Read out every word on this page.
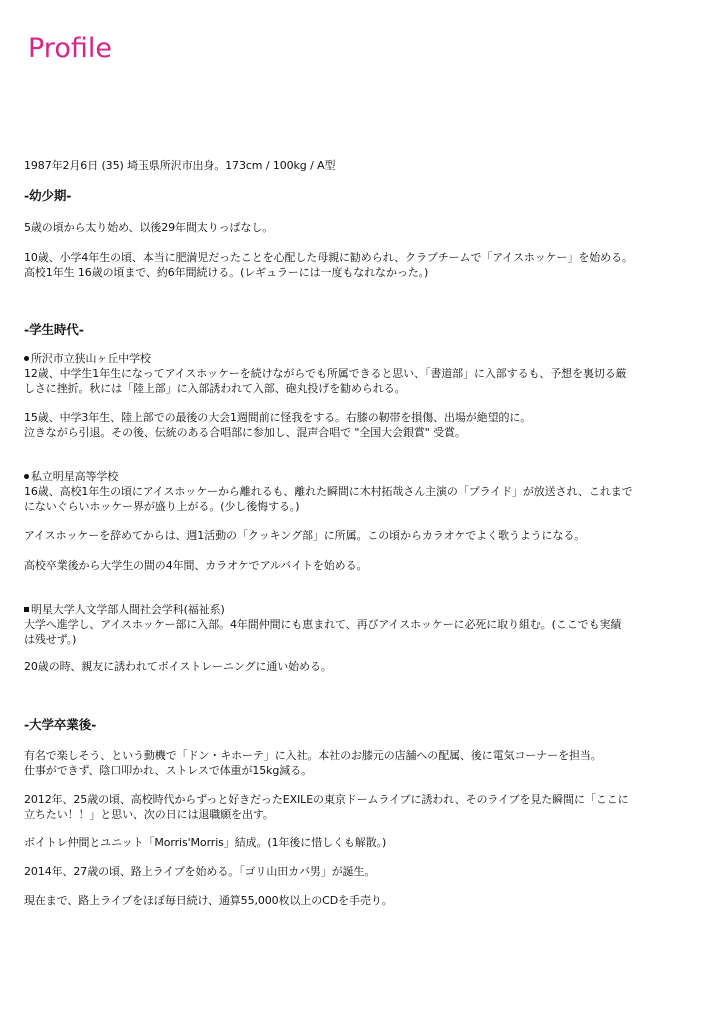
Profile

1987年2月6日 (35) 埼玉県所沢市出身。173cm / 100kg / A型

-幼少期-

5歳の頃から太り始め、以後29年間太りっぱなし。

10歳、小学4年生の頃、本当に肥満児だったことを心配した母親に勧められ、クラブチームで「アイスホッケー」を始める。

高校1年生 16歳の頃まで、約6年間続ける。(レギュラーには一度もなれなかった。)

-学生時代-

所沢市立狭山ヶ丘中学校

12歳、中学生1年生になってアイスホッケーを続けながらでも所属できると思い、「書道部」に入部するも、予想を裏切る厳

しさに挫折。秋には「陸上部」に入部誘われて入部、砲丸投げを勧められる。

15歳、中学3年生、陸上部での最後の大会1週間前に怪我をする。右膝の靭帯を損傷、出場が絶望的に。

泣きながら引退。その後、伝統のある合唱部に参加し、混声合唱で "全国大会銀賞" 受賞。

私立明星高等学校

16歳、高校1年生の頃にアイスホッケーから離れるも、離れた瞬間に木村拓哉さん主演の「プライド」が放送され、これまで

にないぐらいホッケー界が盛り上がる。(少し後悔する。)

アイスホッケーを辞めてからは、週1活動の「クッキング部」に所属。この頃からカラオケでよく歌うようになる。

高校卒業後から大学生の間の4年間、カラオケでアルバイトを始める。

明星大学人文学部人間社会学科(福祉系)

大学へ進学し、アイスホッケー部に入部。4年間仲間にも恵まれて、再びアイスホッケーに必死に取り組む。(ここでも実績

は残せず。)

20歳の時、親友に誘われてボイストレーニングに通い始める。

-大学卒業後-

有名で楽しそう、という動機で「ドン・キホーテ」に入社。本社のお膝元の店舗への配属、後に電気コーナーを担当。

仕事ができず、陰口叩かれ、ストレスで体重が15kg減る。

2012年、25歳の頃、高校時代からずっと好きだったEXILEの東京ドームライブに誘われ、そのライブを見た瞬間に「ここに

立ちたい！！」と思い、次の日には退職願を出す。

ボイトレ仲間とユニット「Morris'Morris」結成。(1年後に惜しくも解散。)

2014年、27歳の頃、路上ライブを始める。「ゴリ山田カバ男」が誕生。

現在まで、路上ライブをほぼ毎日続け、通算55,000枚以上のCDを手売り。
